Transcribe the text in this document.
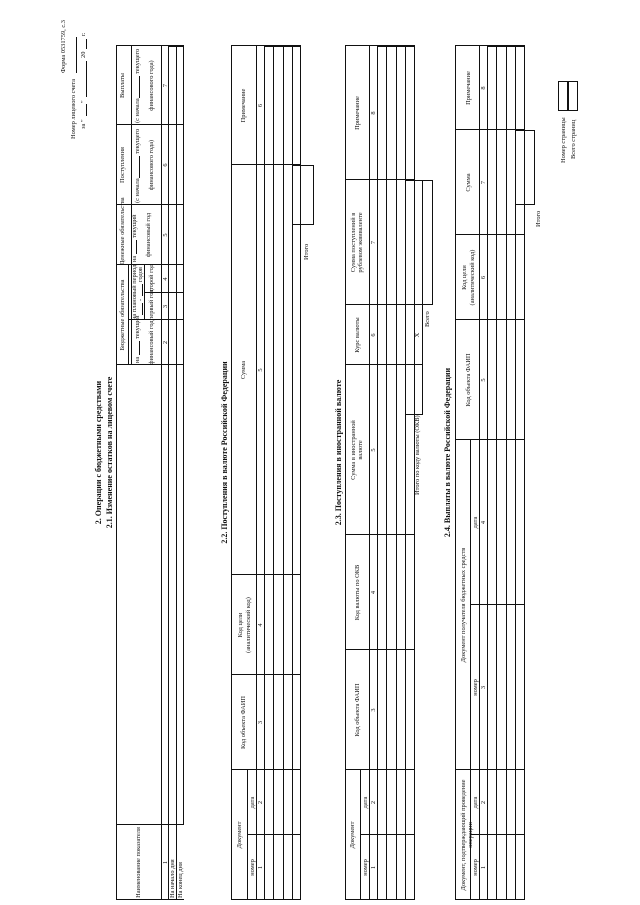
Форма 0531759, с.3
Номер лицевого счета за "
"
20
г.
2. Операции с бюджетными средствами 2.1. Изменение остатков на лицевом счете
Наименование показателя
Бюджетные обязательства
на
текущий финансовый год
на плановый период -
годов
первый год
второй год
Денежные обязательства на
текущий финансовый год
Поступления
(с начала
текущего финансового года)
Выплаты
(с начала
текущего финансового года)
1
2
3
4
5
6
7
На начало дня На конец дня
2.2. Поступления в валюте Российской Федерации
Документ
номер
дата
Код объекта ФАИП
Код цели (аналитический код)
Сумма
Примечание
1
2
3
4
5
6
Итого
2.3. Поступления в иностранной валюте
Документ
номер
дата
Код объекта ФАИП
Код валюты по ОКВ
Сумма в иностранной валюте
Курс валюты
Сумма поступлений в рублевом эквиваленте
Примечание
1
2
3
4
5
6
7
8
Итого по коду валюты (ОКВ)
X
Всего
2.4. Выплаты в валюте Российской Федерации
Документ, подтверждающий проведение операции
номер
дата
Документ получателя бюджетных средств
номер
дата
Код объекта ФАИП
Код цели (аналитический код)
Сумма
Примечание
1
2
3
4
5
6
7
8
Итого
Номер страницы Всего страниц
